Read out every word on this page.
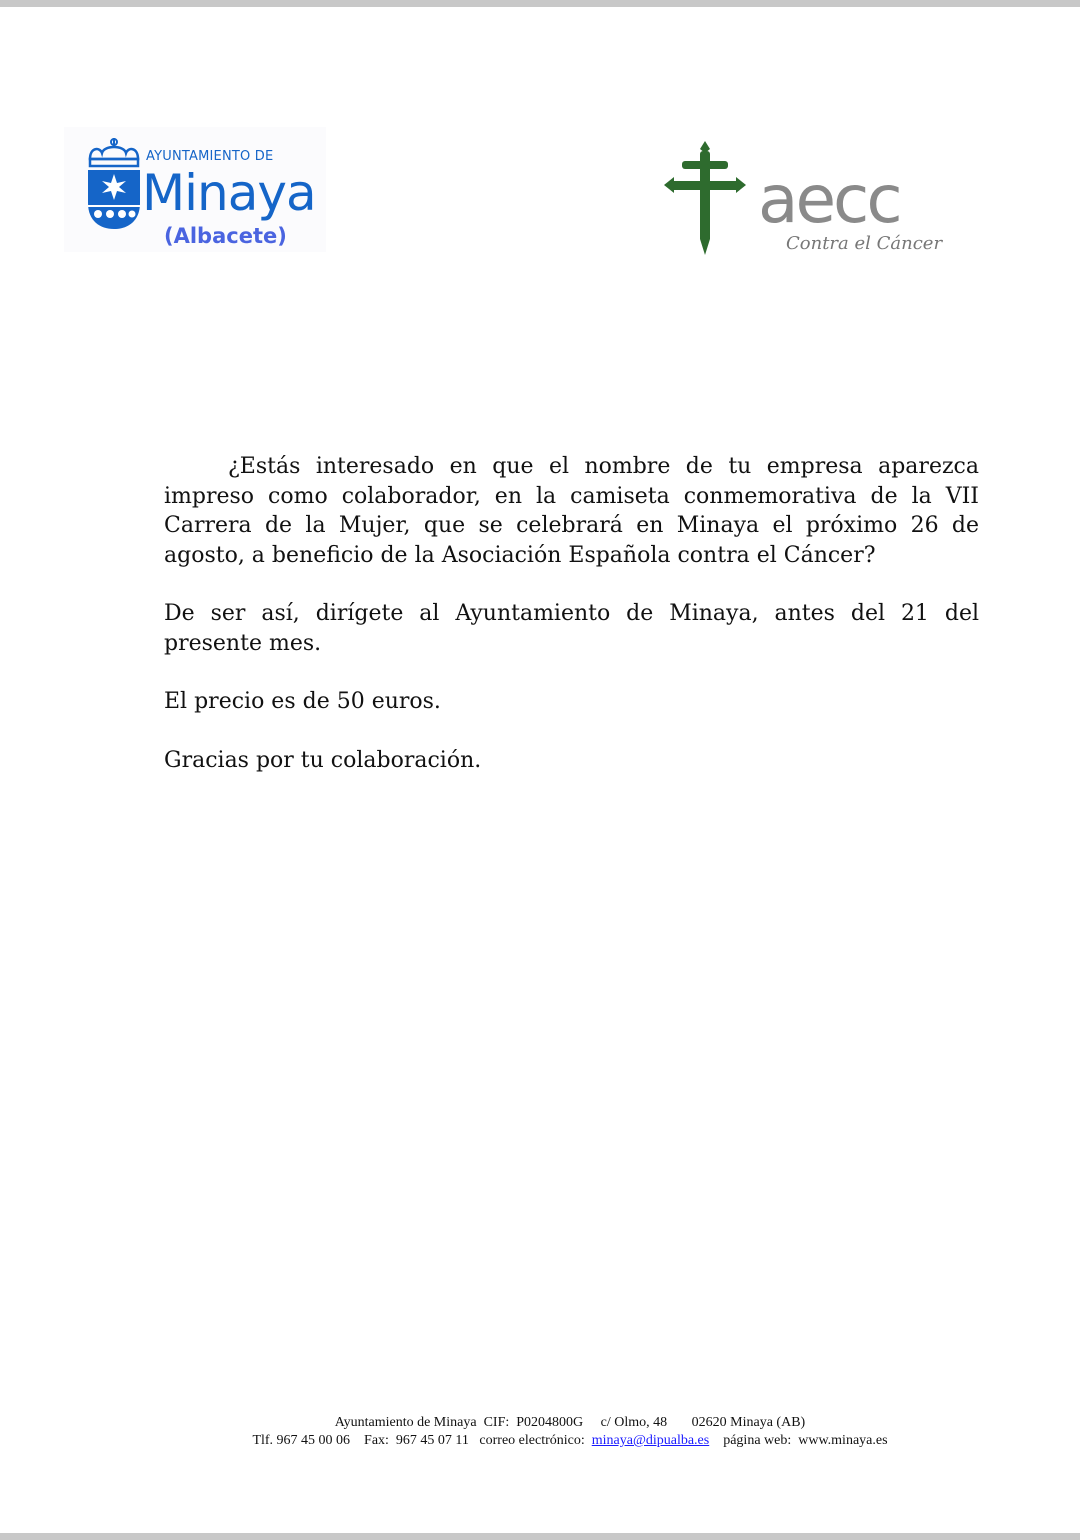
AYUNTAMIENTO DE
Minaya
(Albacete)	aecc
Contra el Cáncer

¿Estás interesado en que el nombre de tu empresa aparezca impreso como colaborador, en la camiseta conmemorativa de la VII Carrera de la Mujer, que se celebrará en Minaya el próximo 26 de agosto, a beneficio de la Asociación Española contra el Cáncer?

De ser así, dirígete al Ayuntamiento de Minaya, antes del 21 del presente mes.

El precio es de 50 euros.

Gracias por tu colaboración.

Ayuntamiento de Minaya CIF:  P0204800G c/ Olmo, 48 02620 Minaya (AB)
Tlf. 967 45 00 06 Fax:  967 45 07 11 correo electrónico: minaya@dipualba.es página web: www.minaya.es
